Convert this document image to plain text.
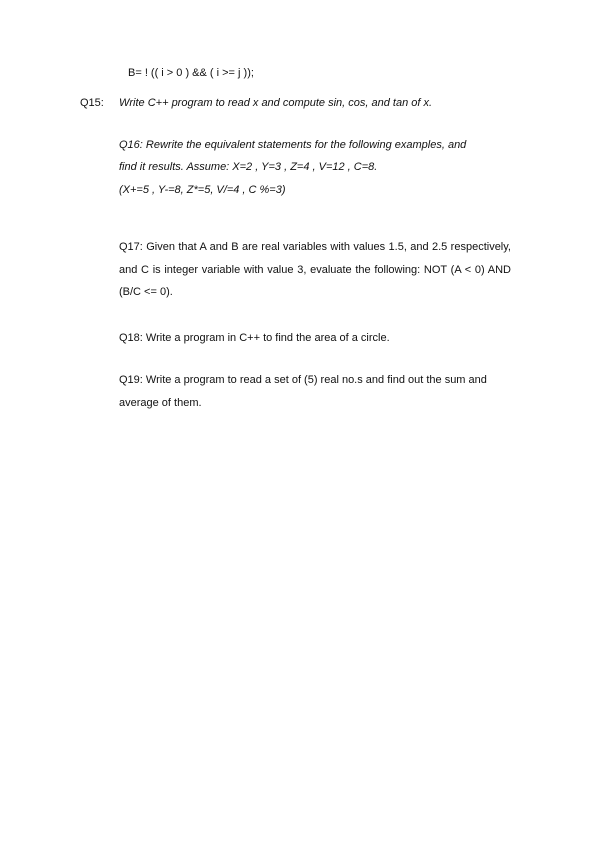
B= ! (( i > 0 ) && ( i >= j ));
Q15: Write C++ program to read x and compute sin, cos, and tan of x.
Q16: Rewrite the equivalent statements for the following examples, and
find it results. Assume: X=2 , Y=3 , Z=4 , V=12 , C=8.
(X+=5 , Y-=8, Z*=5, V/=4 , C %=3)
Q17: Given that A and B are real variables with values 1.5, and 2.5 respectively, and C is integer variable with value 3, evaluate the following: NOT (A < 0) AND (B/C <= 0).
Q18: Write a program in C++ to find the area of a circle.
Q19: Write a program to read a set of (5) real no.s and find out the sum and average of them.
